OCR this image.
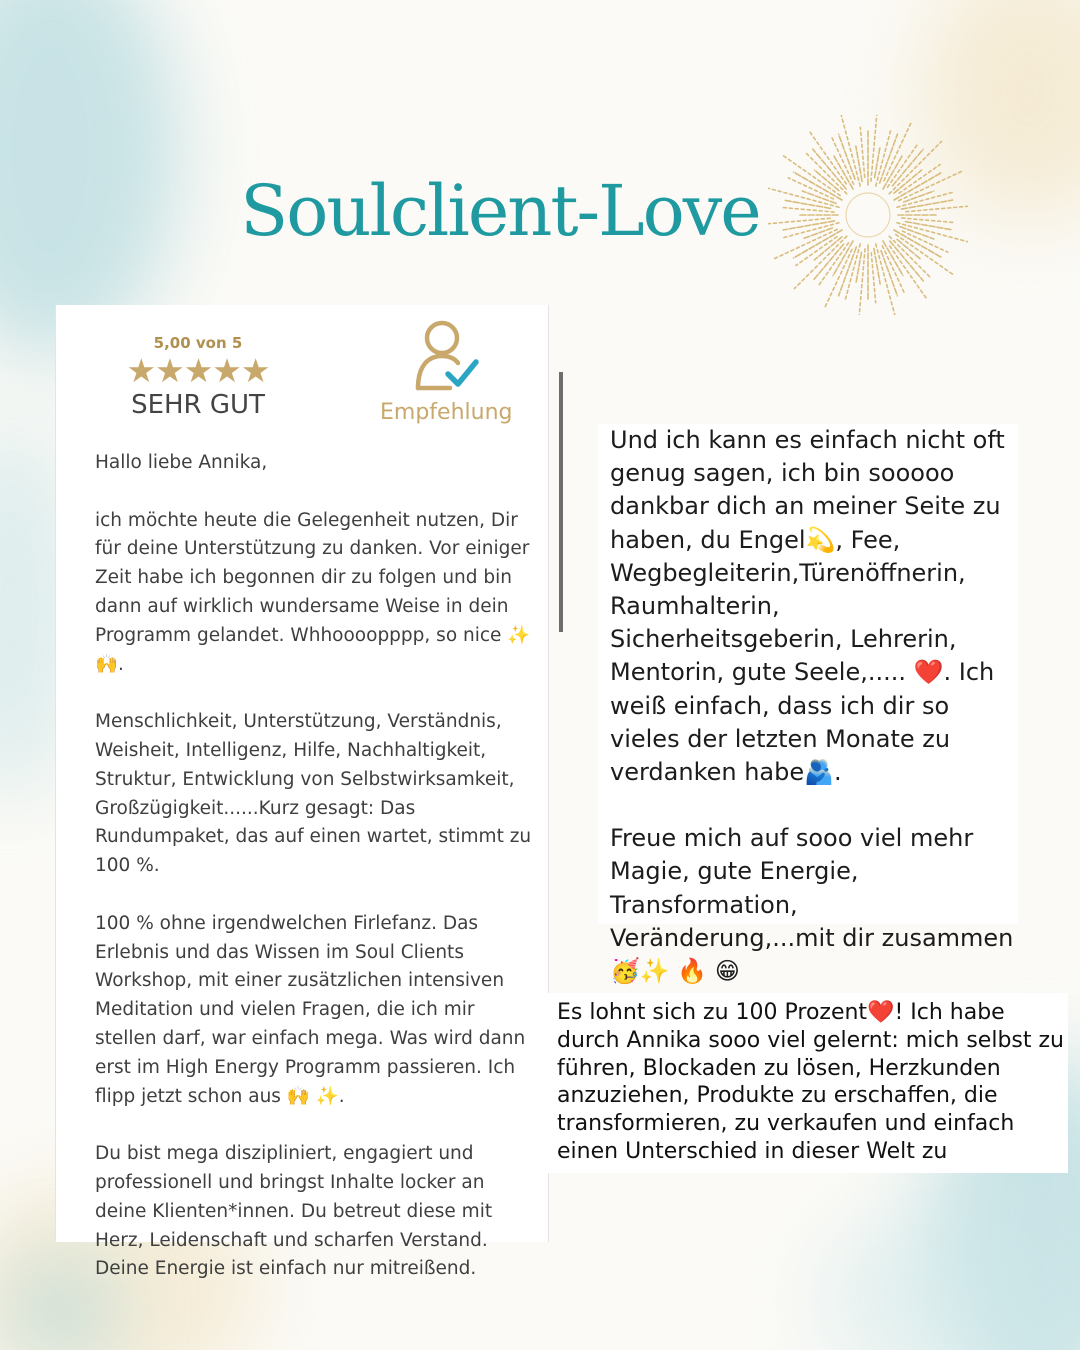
Soulclient-Love
5,00 von 5
★★★★★
SEHR GUT	Empfehlung

Hallo liebe Annika,

ich möchte heute die Gelegenheit nutzen, Dir für deine Unterstützung zu danken. Vor einiger Zeit habe ich begonnen dir zu folgen und bin dann auf wirklich wundersame Weise in dein Programm gelandet. Whhoooopppp, so nice ✨🙌.

Menschlichkeit, Unterstützung, Verständnis, Weisheit, Intelligenz, Hilfe, Nachhaltigkeit, Struktur, Entwicklung von Selbstwirksamkeit, Großzügigkeit......Kurz gesagt: Das Rundumpaket, das auf einen wartet, stimmt zu 100 %.

100 % ohne irgendwelchen Firlefanz. Das Erlebnis und das Wissen im Soul Clients Workshop, mit einer zusätzlichen intensiven Meditation und vielen Fragen, die ich mir stellen darf, war einfach mega. Was wird dann erst im High Energy Programm passieren. Ich flipp jetzt schon aus 🙌 ✨.

Du bist mega diszipliniert, engagiert und professionell und bringst Inhalte locker an deine Klienten*innen. Du betreut diese mit Herz, Leidenschaft und scharfen Verstand. Deine Energie ist einfach nur mitreißend.

Und ich kann es einfach nicht oft genug sagen, ich bin sooooo dankbar dich an meiner Seite zu haben, du Engel💫, Fee, Wegbegleiterin,Türenöffnerin, Raumhalterin, Sicherheitsgeberin, Lehrerin, Mentorin, gute Seele,..... ❤️. Ich weiß einfach, dass ich dir so vieles der letzten Monate zu verdanken habe🫂.

Freue mich auf sooo viel mehr Magie, gute Energie, Transformation, Veränderung,...mit dir zusammen🥳✨ 🔥 😁

Es lohnt sich zu 100 Prozent❤️! Ich habe durch Annika sooo viel gelernt: mich selbst zu führen, Blockaden zu lösen, Herzkunden anzuziehen, Produkte zu erschaffen, die transformieren, zu verkaufen und einfach einen Unterschied in dieser Welt zu
